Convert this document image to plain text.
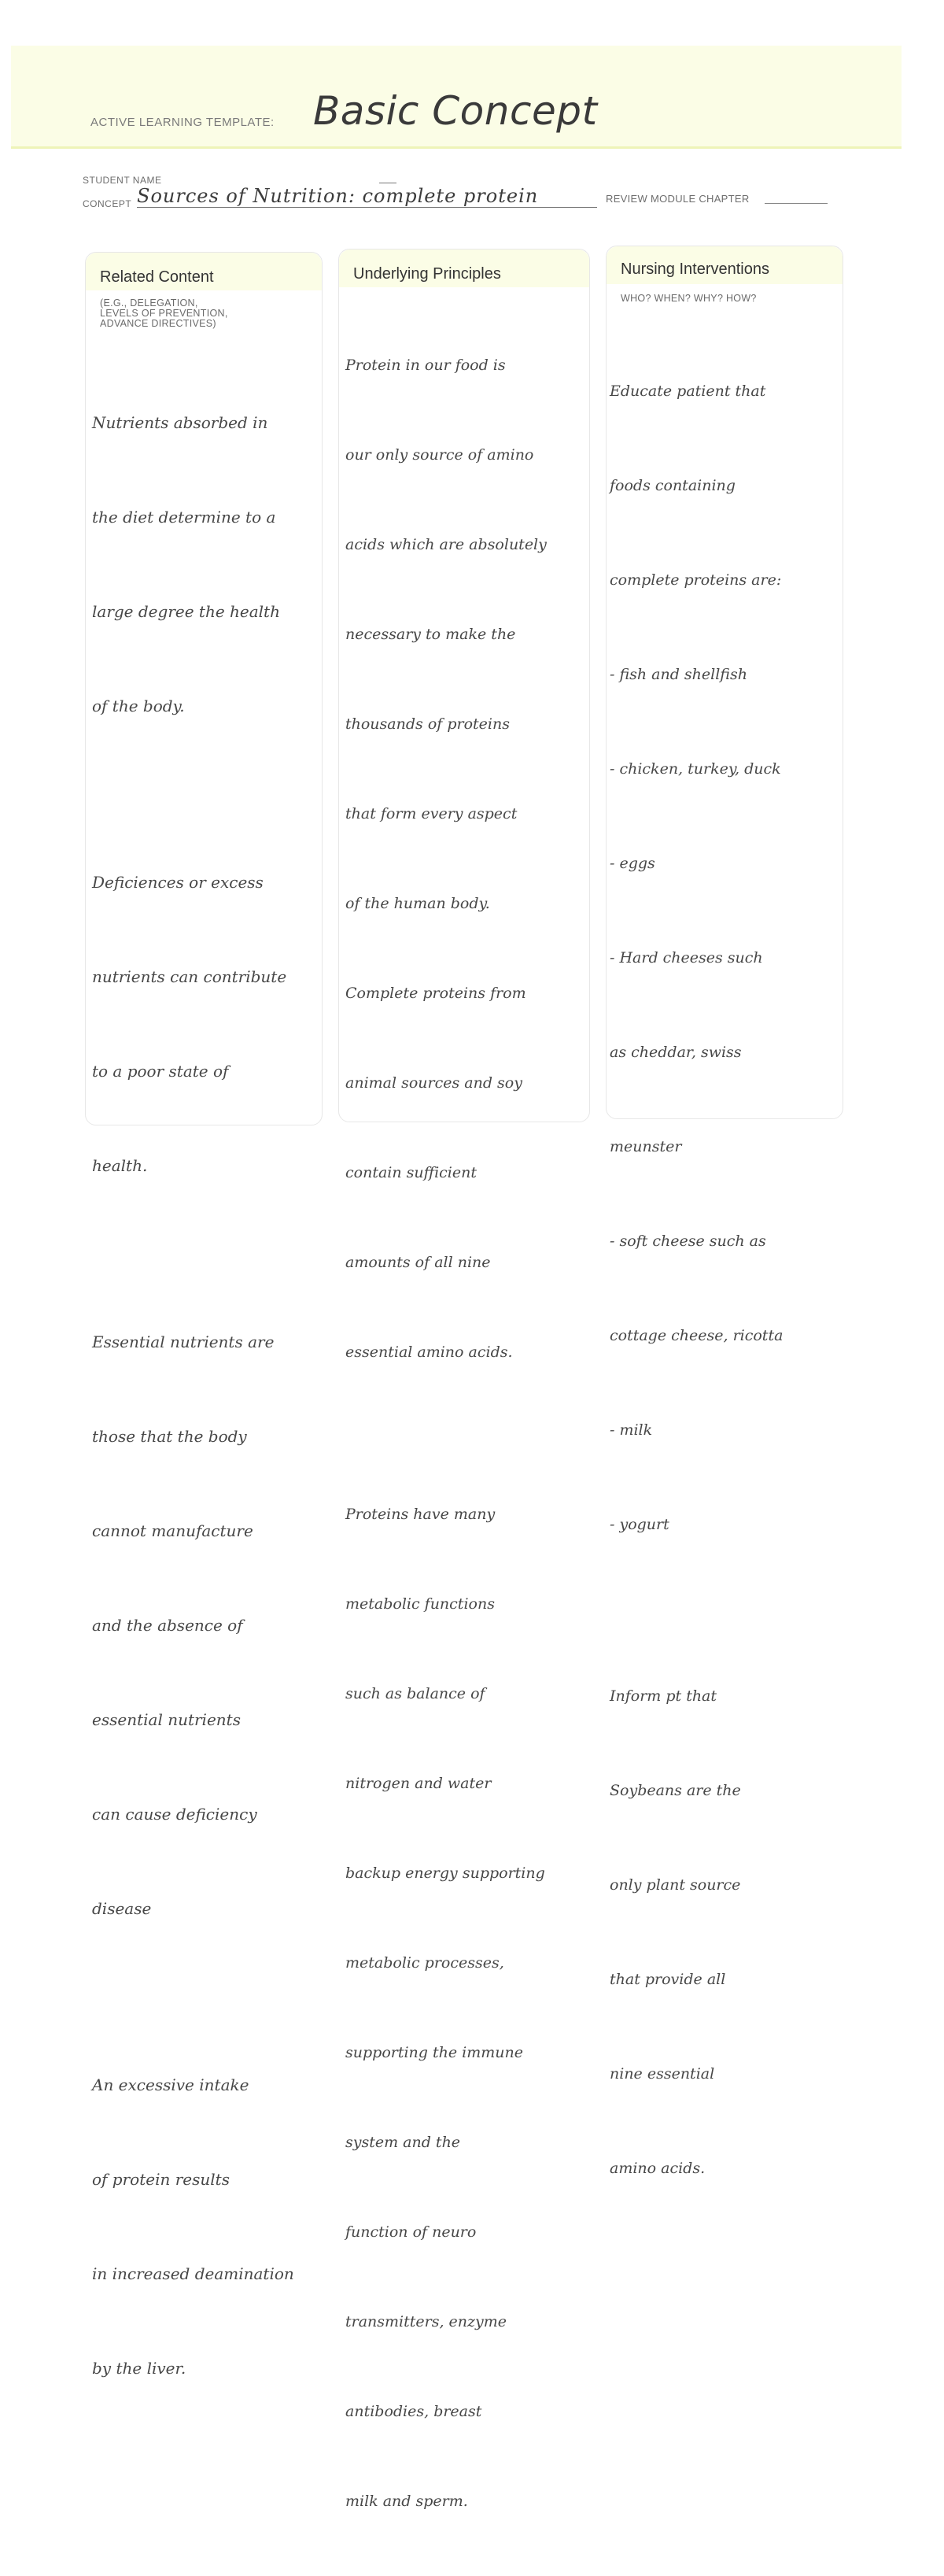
ACTIVE LEARNING TEMPLATE: Basic Concept
STUDENT NAME
CONCEPT Sources of Nutrition: complete protein	REVIEW MODULE CHAPTER
Related Content
(E.G., DELEGATION,
LEVELS OF PREVENTION,
ADVANCE DIRECTIVES)

Nutrients absorbed in

the diet determine to a

large degree the health

of the body.

Deficiences or excess

nutrients can contribute

to a poor state of

health.

Essential nutrients are

those that the body

cannot manufacture

and the absence of

essential nutrients

can cause deficiency

disease

An excessive intake

of protein results

in increased deamination

by the liver.

Underlying Principles

Protein in our food is

our only source of amino

acids which are absolutely

necessary to make the

thousands of proteins

that form every aspect

of the human body.

Complete proteins from

animal sources and soy

contain sufficient

amounts of all nine

essential amino acids.

Proteins have many

metabolic functions

such as balance of

nitrogen and water

backup energy supporting

metabolic processes,

supporting the immune

system and the

function of neuro

transmitters, enzyme

antibodies, breast

milk and sperm.

Nursing Interventions
WHO? WHEN? WHY? HOW?

Educate patient that

foods containing

complete proteins are:

- fish and shellfish

- chicken, turkey, duck

- eggs

- Hard cheeses such

as cheddar, swiss

meunster

- soft cheese such as

cottage cheese, ricotta

- milk

- yogurt

Inform pt that

Soybeans are the

only plant source

that provide all

nine essential

amino acids.
